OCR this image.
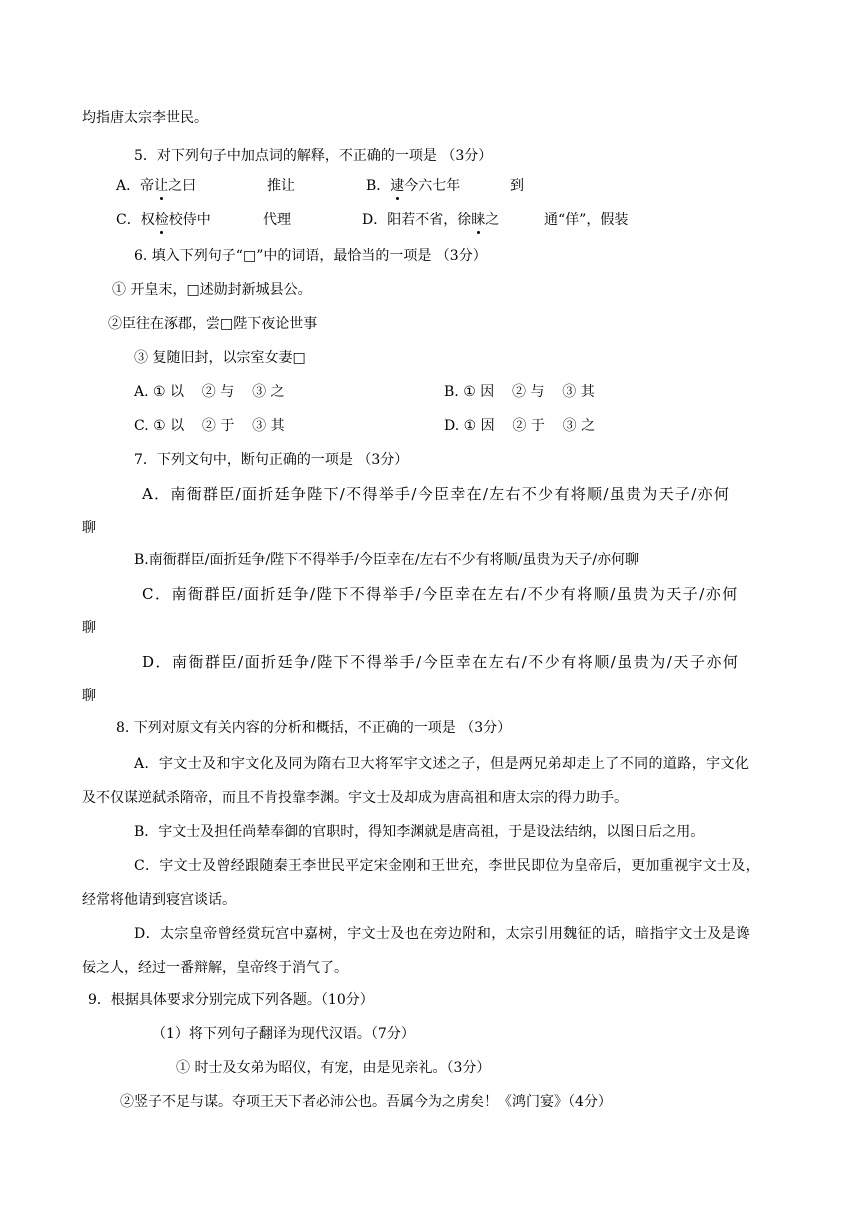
均指唐太宗李世民。
5．对下列句子中加点词的解释，不正确的一项是 （3分）
A．帝让之曰	推让	B．逮今六七年	到
C．权检校侍中	代理	D．阳若不省，徐睐之	通“佯”，假装
6. 填入下列句子“□”中的词语，最恰当的一项是 （3分）
① 开皇末，□述勋封新城县公。
②臣往在涿郡，尝□陛下夜论世事
③ 复随旧封，以宗室女妻□
A. ① 以    ② 与    ③ 之	B. ① 因    ② 与    ③ 其
C. ① 以    ② 于    ③ 其	D. ① 因    ② 于    ③ 之
7．下列文句中，断句正确的一项是 （3分）
A．南衙群臣/面折廷争陛下/不得举手/今臣幸在/左右不少有将顺/虽贵为天子/亦何
聊
B.南衙群臣/面折廷争/陛下不得举手/今臣幸在/左右不少有将顺/虽贵为天子/亦何聊
C．南衙群臣/面折廷争/陛下不得举手/今臣幸在左右/不少有将顺/虽贵为天子/亦何
聊
D．南衙群臣/面折廷争/陛下不得举手/今臣幸在左右/不少有将顺/虽贵为/天子亦何
聊
8. 下列对原文有关内容的分析和概括，不正确的一项是 （3分）
A．宇文士及和宇文化及同为隋右卫大将军宇文述之子，但是两兄弟却走上了不同的道路，宇文化
及不仅谋逆弑杀隋帝，而且不肯投靠李渊。宇文士及却成为唐高祖和唐太宗的得力助手。
B．宇文士及担任尚辇奉御的官职时，得知李渊就是唐高祖，于是设法结纳，以图日后之用。
C．宇文士及曾经跟随秦王李世民平定宋金刚和王世充，李世民即位为皇帝后，更加重视宇文士及，
经常将他请到寝宫谈话。
D．太宗皇帝曾经赏玩宫中嘉树，宇文士及也在旁边附和，太宗引用魏征的话，暗指宇文士及是谗
佞之人，经过一番辩解，皇帝终于消气了。
9．根据具体要求分别完成下列各题。（10分）
（1）将下列句子翻译为现代汉语。（7分）
① 时士及女弟为昭仪，有宠，由是见亲礼。（3分）
②竖子不足与谋。夺项王天下者必沛公也。吾属今为之虏矣！《鸿门宴》（4分）
